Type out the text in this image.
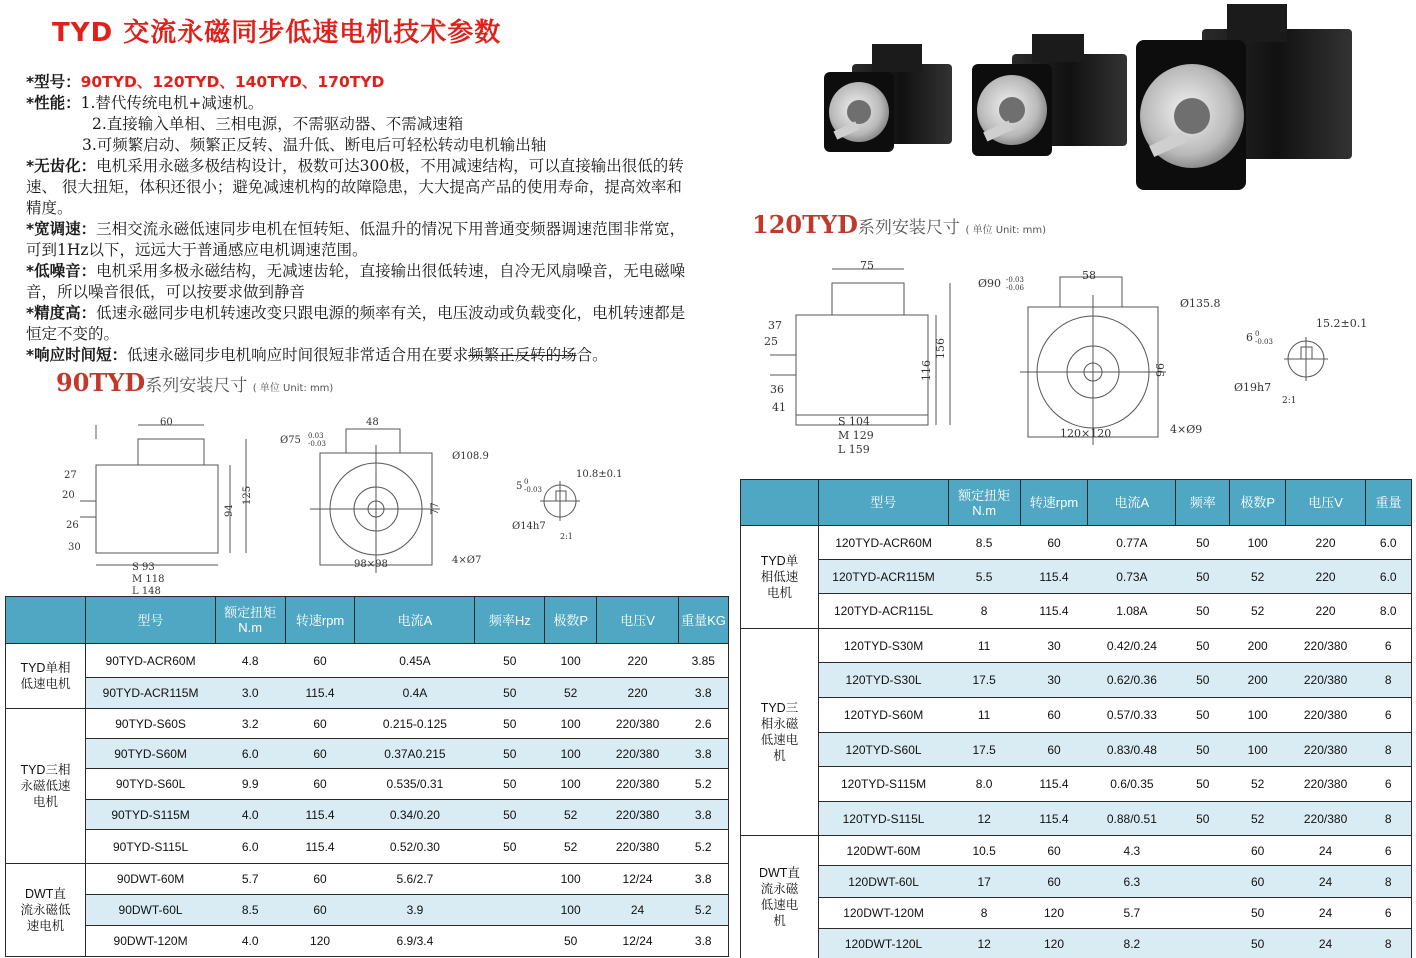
TYD 交流永磁同步低速电机技术参数
*型号：90TYD、120TYD、140TYD、170TYD
*性能：1.替代传统电机+减速机。
2.直接输入单相、三相电源，不需驱动器、不需减速箱
3.可频繁启动、频繁正反转、温升低、断电后可轻松转动电机输出轴
*无齿化：电机采用永磁多极结构设计，极数可达300极，不用减速结构，可以直接输出很低的转速、 很大扭矩，体积还很小；避免减速机构的故障隐患，大大提高产品的使用寿命，提高效率和精度。
*宽调速：三相交流永磁低速同步电机在恒转矩、低温升的情况下用普通变频器调速范围非常宽，可到1Hz以下，远远大于普通感应电机调速范围。
*低噪音：电机采用多极永磁结构，无减速齿轮，直接输出很低转速，自冷无风扇噪音，无电磁噪音，所以噪音很低，可以按要求做到静音
*精度高：低速永磁同步电机转速改变只跟电源的频率有关，电压波动或负载变化，电机转速都是恒定不变的。
*响应时间短：低速永磁同步电机响应时间很短非常适合用在要求频繁正反转的场合。
90TYD系列安装尺寸 ( 单位 Unit: mm)
60
27
20
26
30
94
125
S 93
M 118
L 148
48
Ø75 0.03
-0.03
Ø108.9
77
98×98	4×Ø7
10.8±0.1
5 0
-0.03
Ø14h7
2:1
120TYD系列安装尺寸 ( 单位 Unit: mm)
75
37
25
36
41
116
156
S 104
M 129
L 159
Ø90 -0.03
-0.06
58
Ø135.8
96
120×120	4×Ø9
15.2±0.1
6 0
-0.03
Ø19h7
2:1
	型号	额定扭矩N.m	转速rpm	电流A	频率Hz	极数P	电压V	重量KG

TYD单相低速电机	90TYD-ACR60M	4.8	60	0.45A	50	100	220	3.85
	90TYD-ACR115M	3.0	115.4	0.4A	50	52	220	3.8

TYD三相永磁低速电机	90TYD-S60S	3.2	60	0.215-0.125	50	100	220/380	2.6
	90TYD-S60M	6.0	60	0.37A0.215	50	100	220/380	3.8
	90TYD-S60L	9.9	60	0.535/0.31	50	100	220/380	5.2
	90TYD-S115M	4.0	115.4	0.34/0.20	50	52	220/380	3.8
	90TYD-S115L	6.0	115.4	0.52/0.30	50	52	220/380	5.2

DWT直流永磁低速电机	90DWT-60M	5.7	60	5.6/2.7		100	12/24	3.8
	90DWT-60L	8.5	60	3.9		100	24	5.2
	90DWT-120M	4.0	120	6.9/3.4		50	12/24	3.8
	型号	额定扭矩N.m	转速rpm	电流A	频率	极数P	电压V	重量

TYD单相低速电机	120TYD-ACR60M	8.5	60	0.77A	50	100	220	6.0
	120TYD-ACR115M	5.5	115.4	0.73A	50	52	220	6.0
	120TYD-ACR115L	8	115.4	1.08A	50	52	220	8.0

TYD三相永磁低速电机	120TYD-S30M	11	30	0.42/0.24	50	200	220/380	6
	120TYD-S30L	17.5	30	0.62/0.36	50	200	220/380	8
	120TYD-S60M	11	60	0.57/0.33	50	100	220/380	6
	120TYD-S60L	17.5	60	0.83/0.48	50	100	220/380	8
	120TYD-S115M	8.0	115.4	0.6/0.35	50	52	220/380	6
	120TYD-S115L	12	115.4	0.88/0.51	50	52	220/380	8

DWT直流永磁低速电机	120DWT-60M	10.5	60	4.3		60	24	6
	120DWT-60L	17	60	6.3		60	24	8
	120DWT-120M	8	120	5.7		50	24	6
	120DWT-120L	12	120	8.2		50	24	8
